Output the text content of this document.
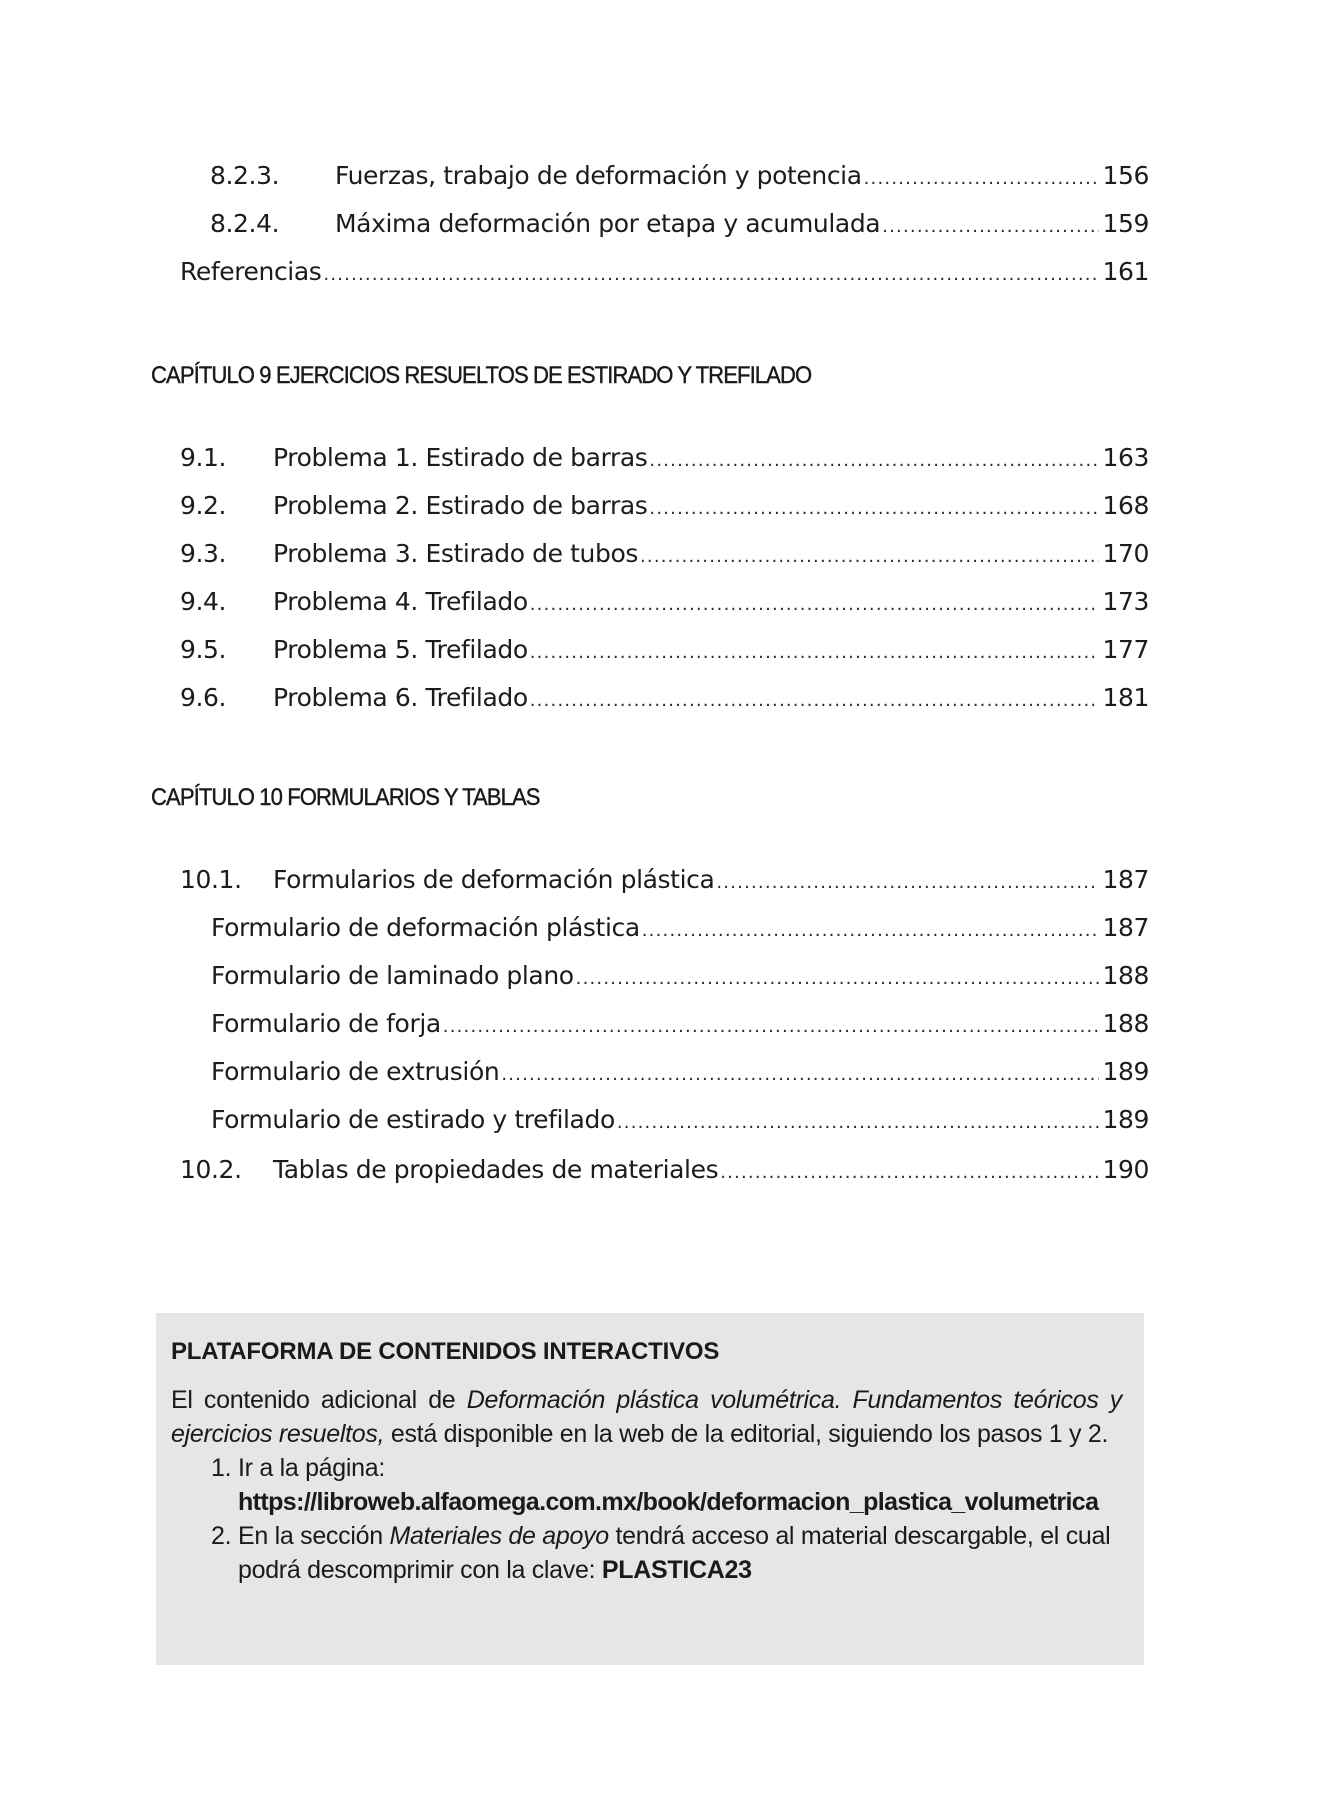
8.2.3.	Fuerzas, trabajo de deformación y potencia .....	156
8.2.4.	Máxima deformación por etapa y acumulada .....	159
Referencias .....	161
CAPÍTULO 9 EJERCICIOS RESUELTOS DE ESTIRADO Y TREFILADO
9.1.	Problema 1. Estirado de barras .....	163
9.2.	Problema 2. Estirado de barras .....	168
9.3.	Problema 3. Estirado de tubos .....	170
9.4.	Problema 4. Trefilado .....	173
9.5.	Problema 5. Trefilado .....	177
9.6.	Problema 6. Trefilado .....	181
CAPÍTULO 10 FORMULARIOS Y TABLAS
10.1.	Formularios de deformación plástica .....	187
Formulario de deformación plástica .....	187
Formulario de laminado plano .....	188
Formulario de forja .....	188
Formulario de extrusión .....	189
Formulario de estirado y trefilado .....	189
10.2.	Tablas de propiedades de materiales .....	190
PLATAFORMA DE CONTENIDOS INTERACTIVOS

El contenido adicional de Deformación plástica volumétrica. Fundamentos teóricos y ejercicios resueltos, está disponible en la web de la editorial, siguiendo los pasos 1 y 2.

1. Ir a la página:
https://libroweb.alfaomega.com.mx/book/deformacion_plastica_volumetrica
2. En la sección Materiales de apoyo tendrá acceso al material descargable, el cual podrá descomprimir con la clave: PLASTICA23
